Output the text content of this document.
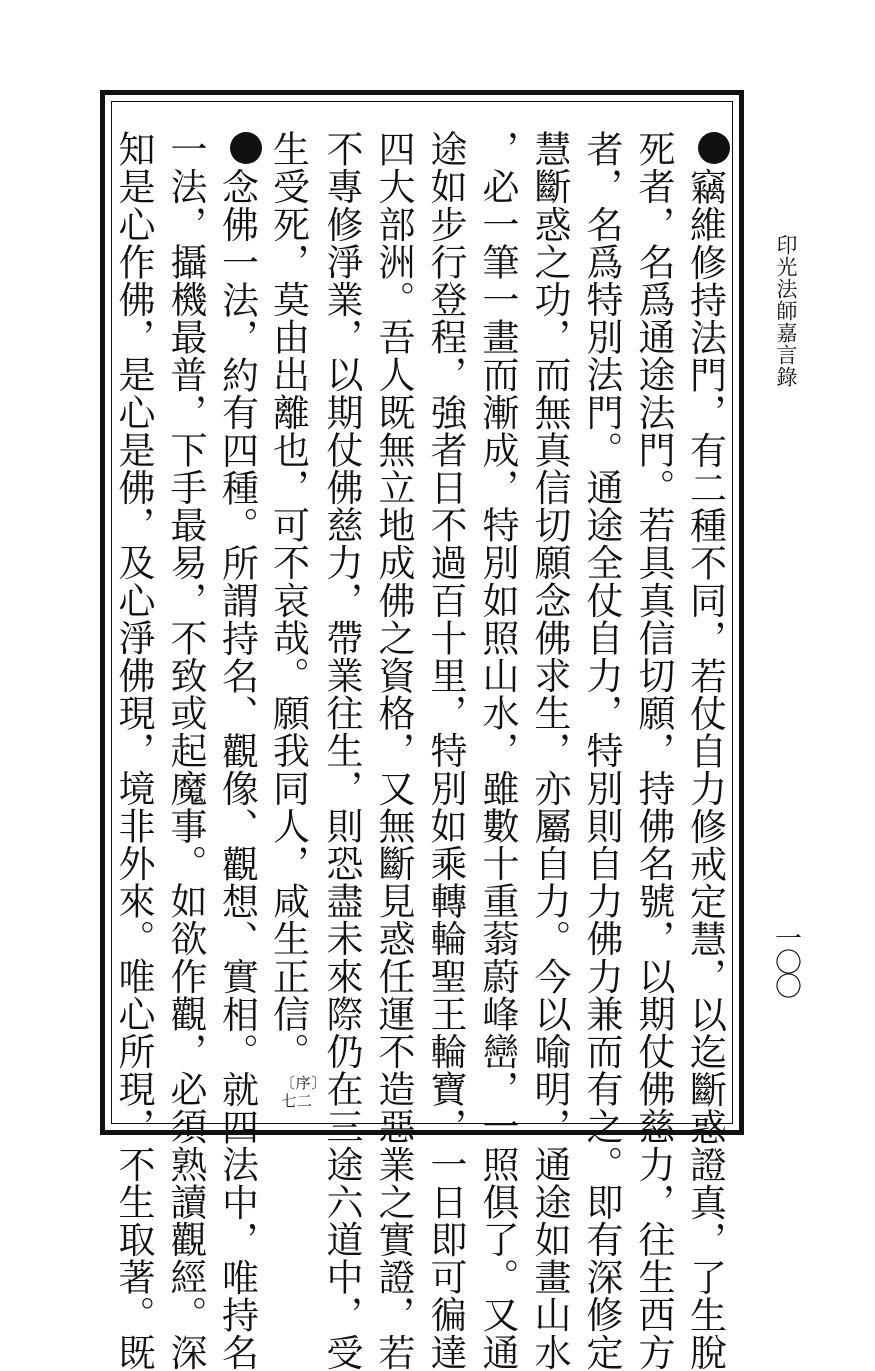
印光法師嘉言錄
一〇〇
竊維修持法門，有二種不同，若仗自力修戒定慧，以迄斷惑證真，了生脫
死者，名爲通途法門。若具真信切願，持佛名號，以期仗佛慈力，往生西方
者，名爲特別法門。通途全仗自力，特別則自力佛力兼而有之。即有深修定
慧斷惑之功，而無真信切願念佛求生，亦屬自力。今以喻明，通途如畫山水
，必一筆一畫而漸成，特別如照山水，雖數十重蓊蔚峰巒，一照俱了。又通
途如步行登程，強者日不過百十里，特別如乘轉輪聖王輪寶，一日即可徧達
四大部洲。吾人既無立地成佛之資格，又無斷見惑任運不造惡業之實證，若
不專修淨業，以期仗佛慈力，帶業往生，則恐盡未來際仍在三途六道中，受
生受死，莫由出離也，可不哀哉。願我同人，咸生正信。
〔序〕
七二
念佛一法，約有四種。所謂持名、觀像、觀想、實相。就四法中，唯持名
一法，攝機最普，下手最易，不致或起魔事。如欲作觀，必須熟讀觀經。深
知是心作佛，是心是佛，及心淨佛現，境非外來。唯心所現，不生取著。既
